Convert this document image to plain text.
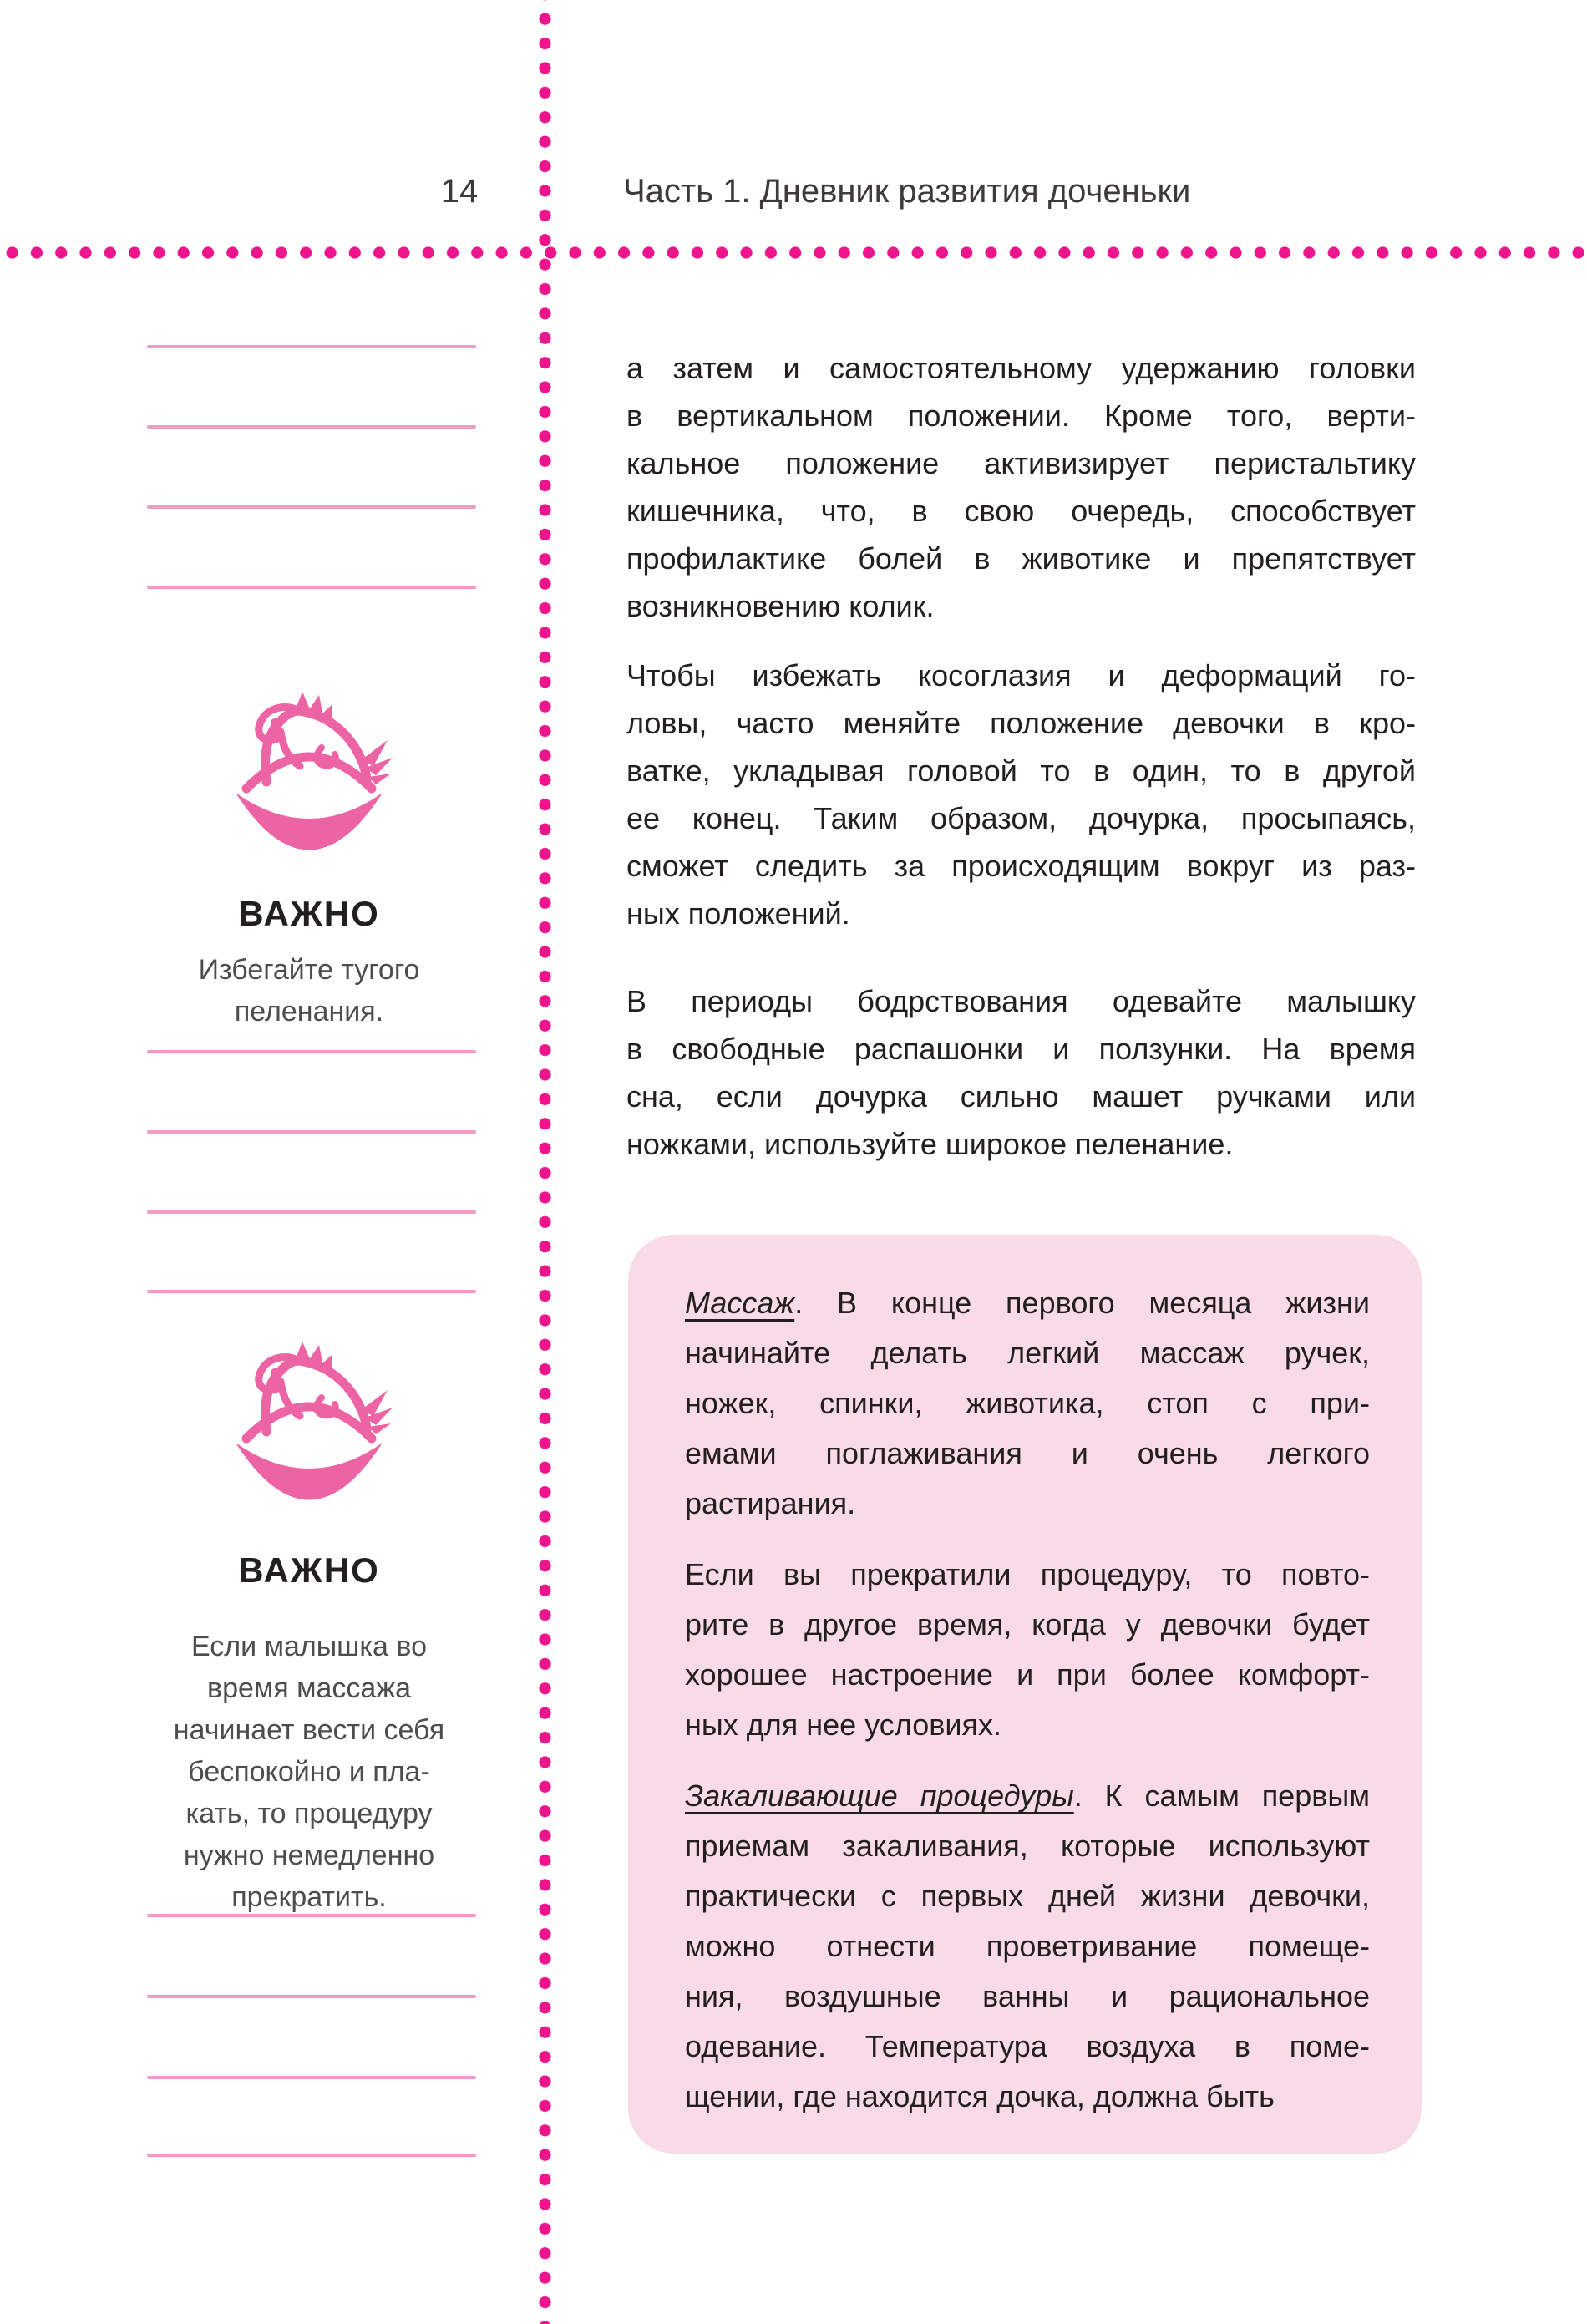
14	Часть 1. Дневник развития доченьки
ВАЖНО
Избегайте тугого
пеленания.
ВАЖНО
Если малышка во
время массажа
начинает вести себя
беспокойно и пла-
кать, то процедуру
нужно немедленно
прекратить.
а затем и самостоятельному удержанию головки
в вертикальном положении. Кроме того, верти-
кальное положение активизирует перистальтику
кишечника, что, в свою очередь, способствует
профилактике болей в животике и препятствует
возникновению колик.
Чтобы избежать косоглазия и деформаций го-
ловы, часто меняйте положение девочки в кро-
ватке, укладывая головой то в один, то в другой
ее конец. Таким образом, дочурка, просыпаясь,
сможет следить за происходящим вокруг из раз-
ных положений.
В периоды бодрствования одевайте малышку
в свободные распашонки и ползунки. На время
сна, если дочурка сильно машет ручками или
ножками, используйте широкое пеленание.
Массаж. В конце первого месяца жизни
начинайте делать легкий массаж ручек,
ножек, спинки, животика, стоп с при-
емами поглаживания и очень легкого
растирания.
Если вы прекратили процедуру, то повто-
рите в другое время, когда у девочки будет
хорошее настроение и при более комфорт-
ных для нее условиях.
Закаливающие процедуры. К самым первым
приемам закаливания, которые используют
практически с первых дней жизни девочки,
можно отнести проветривание помеще-
ния, воздушные ванны и рациональное
одевание. Температура воздуха в поме-
щении, где находится дочка, должна быть
